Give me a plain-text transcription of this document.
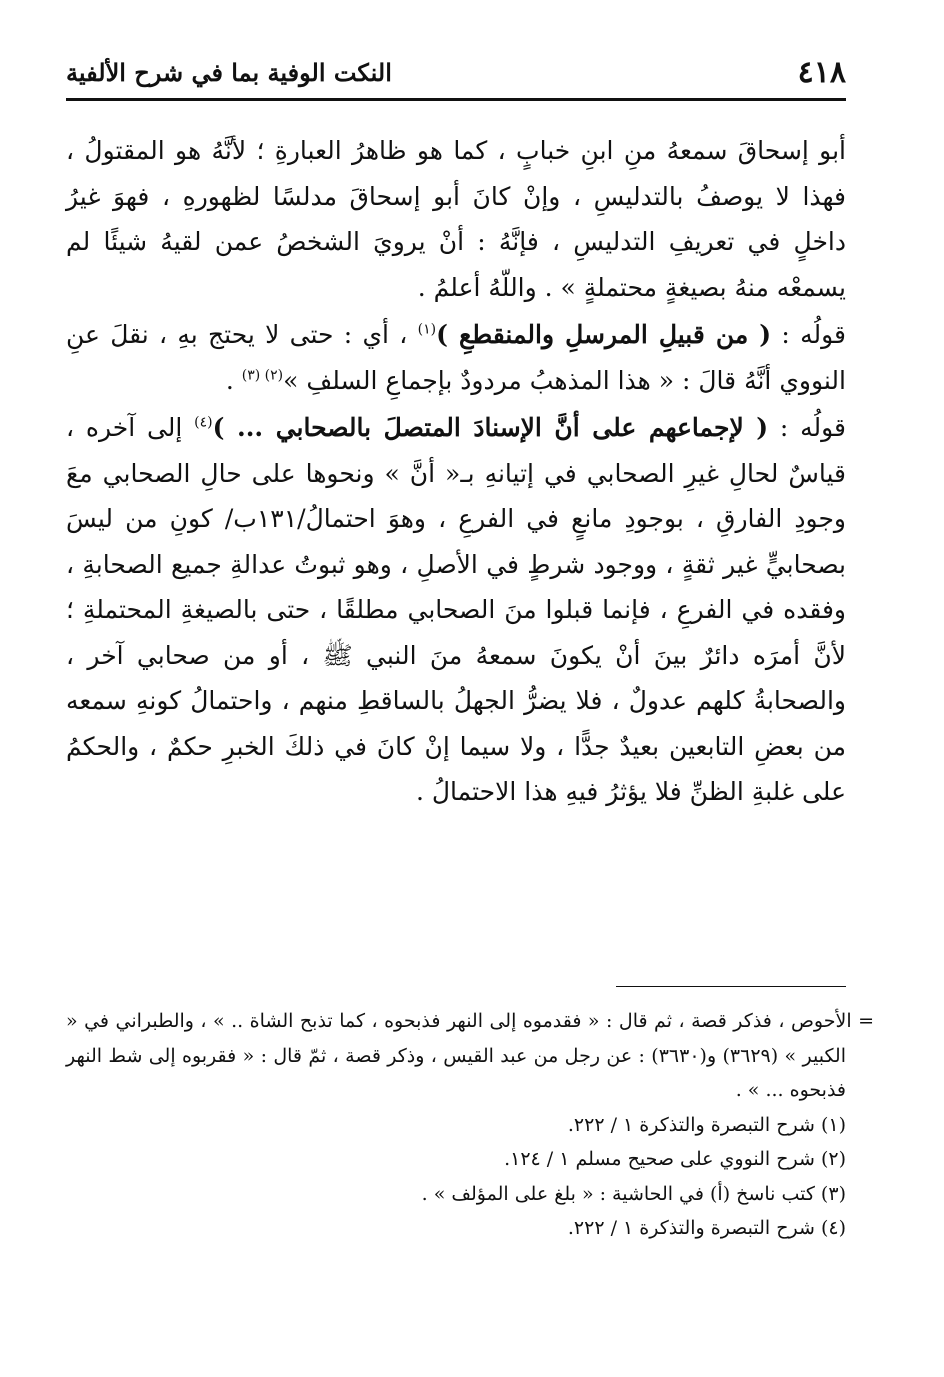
٤١٨
النكت الوفية بما في شرح الألفية

أبو إسحاقَ سمعهُ منِ ابنِ خبابٍ ، كما هو ظاهرُ العبارةِ ؛ لأنَّهُ هو المقتولُ ، فهذا لا يوصفُ بالتدليسِ ، وإنْ كانَ أبو إسحاقَ مدلسًا لظهورهِ ، فهوَ غيرُ داخلٍ في تعريفِ التدليسِ ، فإنَّهُ : أنْ يرويَ الشخصُ عمن لقيهُ شيئًا لم يسمعْه منهُ بصيغةٍ محتملةٍ » . واللّهُ أعلمُ .

قولُه : ( من قبيلِ المرسلِ والمنقطعِ )$^{(١)}$ ، أي : حتى لا يحتج بهِ ، نقلَ عنِ النووي أنَّهُ قالَ : « هذا المذهبُ مردودٌ بإجماعِ السلفِ »$^{(٢) (٣)}$ .

قولُه : ( لإجماعهم على أنَّ الإسنادَ المتصلَ بالصحابي ... )$^{(٤)}$ إلى آخره ، قياسٌ لحالِ غيرِ الصحابي في إتيانهِ بـ« أنَّ » ونحوها على حالِ الصحابي معَ وجودِ الفارقِ ، بوجودِ مانعٍ في الفرعِ ، وهوَ احتمالُ/١٣١ب/ كونِ من ليسَ بصحابيٍّ غير ثقةٍ ، ووجود شرطٍ في الأصلِ ، وهو ثبوتُ عدالةِ جميع الصحابةِ ، وفقده في الفرعِ ، فإنما قبلوا منَ الصحابي مطلقًا ، حتى بالصيغةِ المحتملةِ ؛ لأنَّ أمرَه دائرٌ بينَ أنْ يكونَ سمعهُ منَ النبي ﷺ ، أو من صحابي آخر ، والصحابةُ كلهم عدولٌ ، فلا يضرُّ الجهلُ بالساقطِ منهم ، واحتمالُ كونهِ سمعه من بعضِ التابعين بعيدٌ جدًّا ، ولا سيما إنْ كانَ في ذلكَ الخبرِ حكمٌ ، والحكمُ على غلبةِ الظنِّ فلا يؤثرُ فيهِ هذا الاحتمالُ .

= الأحوص ، فذكر قصة ، ثم قال : « فقدموه إلى النهر فذبحوه ، كما تذبح الشاة .. » ، والطبراني في « الكبير » (٣٦٢٩) و(٣٦٣٠) : عن رجل من عبد القيس ، وذكر قصة ، ثمّ قال : « فقربوه إلى شط النهر فذبحوه ... » .

(١) شرح التبصرة والتذكرة ١ / ٢٢٢.

(٢) شرح النووي على صحيح مسلم ١ / ١٢٤.

(٣) كتب ناسخ (أ) في الحاشية : « بلغ على المؤلف » .

(٤) شرح التبصرة والتذكرة ١ / ٢٢٢.
